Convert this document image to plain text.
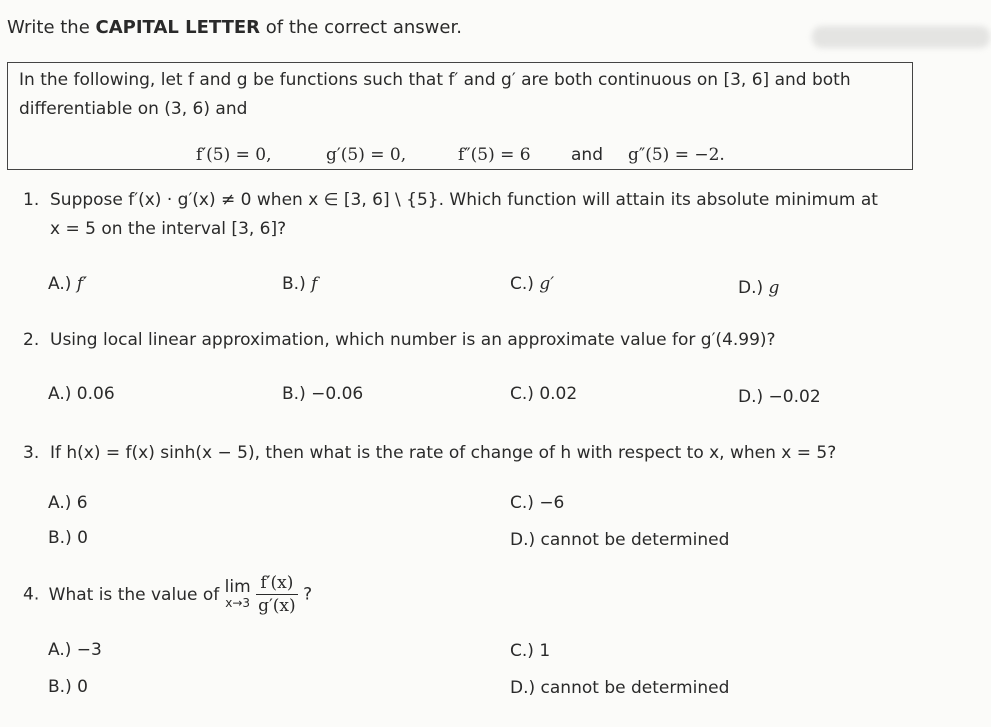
Write the CAPITAL LETTER of the correct answer.
In the following, let f and g be functions such that f′ and g′ are both continuous on [3, 6] and both
differentiable on (3, 6) and
f′(5) = 0,	g′(5) = 0,	f″(5) = 6 and g″(5) = −2.
1. Suppose f′(x) · g′(x) ≠ 0 when x ∈ [3, 6] \ {5}. Which function will attain its absolute minimum at
x = 5 on the interval [3, 6]?
A.) f′	B.) f	C.) g′	D.) g
2. Using local linear approximation, which number is an approximate value for g′(4.99)?
A.) 0.06	B.) −0.06	C.) 0.02	D.) −0.02
3. If h(x) = f(x) sinh(x − 5), then what is the rate of change of h with respect to x, when x = 5?
A.) 6
B.) 0
C.) −6
D.) cannot be determined
4. What is the value of lim
x→3
$\frac{f'(x)}{g'(x)}$ ?
A.) −3
B.) 0
C.) 1
D.) cannot be determined
